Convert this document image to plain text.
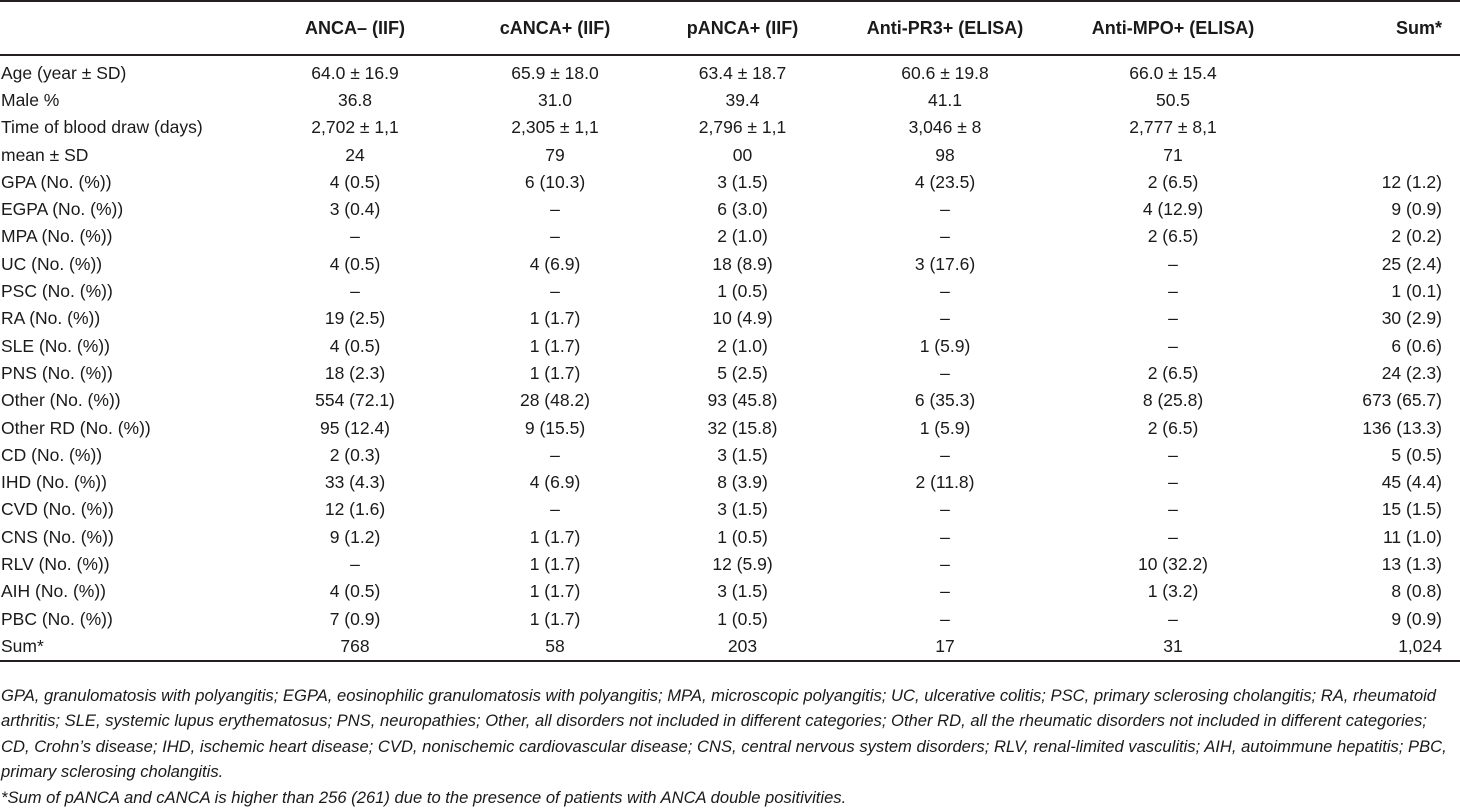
	ANCA– (IIF)	cANCA+ (IIF)	pANCA+ (IIF)	Anti-PR3+ (ELISA)	Anti-MPO+ (ELISA)	Sum*

Age (year ± SD)	64.0 ± 16.9	65.9 ± 18.0	63.4 ± 18.7	60.6 ± 19.8	66.0 ± 15.4	
Male %	36.8	31.0	39.4	41.1	50.5	
Time of blood draw (days)	2,702 ± 1,1	2,305 ± 1,1	2,796 ± 1,1	3,046 ± 8	2,777 ± 8,1	
mean ± SD	24	79	00	98	71	
GPA (No. (%))	4 (0.5)	6 (10.3)	3 (1.5)	4 (23.5)	2 (6.5)	12 (1.2)
EGPA (No. (%))	3 (0.4)	–	6 (3.0)	–	4 (12.9)	9 (0.9)
MPA (No. (%))	–	–	2 (1.0)	–	2 (6.5)	2 (0.2)
UC (No. (%))	4 (0.5)	4 (6.9)	18 (8.9)	3 (17.6)	–	25 (2.4)
PSC (No. (%))	–	–	1 (0.5)	–	–	1 (0.1)
RA (No. (%))	19 (2.5)	1 (1.7)	10 (4.9)	–	–	30 (2.9)
SLE (No. (%))	4 (0.5)	1 (1.7)	2 (1.0)	1 (5.9)	–	6 (0.6)
PNS (No. (%))	18 (2.3)	1 (1.7)	5 (2.5)	–	2 (6.5)	24 (2.3)
Other (No. (%))	554 (72.1)	28 (48.2)	93 (45.8)	6 (35.3)	8 (25.8)	673 (65.7)
Other RD (No. (%))	95 (12.4)	9 (15.5)	32 (15.8)	1 (5.9)	2 (6.5)	136 (13.3)
CD (No. (%))	2 (0.3)	–	3 (1.5)	–	–	5 (0.5)
IHD (No. (%))	33 (4.3)	4 (6.9)	8 (3.9)	2 (11.8)	–	45 (4.4)
CVD (No. (%))	12 (1.6)	–	3 (1.5)	–	–	15 (1.5)
CNS (No. (%))	9 (1.2)	1 (1.7)	1 (0.5)	–	–	11 (1.0)
RLV (No. (%))	–	1 (1.7)	12 (5.9)	–	10 (32.2)	13 (1.3)
AIH (No. (%))	4 (0.5)	1 (1.7)	3 (1.5)	–	1 (3.2)	8 (0.8)
PBC (No. (%))	7 (0.9)	1 (1.7)	1 (0.5)	–	–	9 (0.9)
Sum*	768	58	203	17	31	1,024

GPA, granulomatosis with polyangitis; EGPA, eosinophilic granulomatosis with polyangitis; MPA, microscopic polyangitis; UC, ulcerative colitis; PSC, primary sclerosing cholangitis; RA, rheumatoid arthritis; SLE, systemic lupus erythematosus; PNS, neuropathies; Other, all disorders not included in different categories; Other RD, all the rheumatic disorders not included in different categories; CD, Crohn’s disease; IHD, ischemic heart disease; CVD, nonischemic cardiovascular disease; CNS, central nervous system disorders; RLV, renal-limited vasculitis; AIH, autoimmune hepatitis; PBC, primary sclerosing cholangitis.

*Sum of pANCA and cANCA is higher than 256 (261) due to the presence of patients with ANCA double positivities.
